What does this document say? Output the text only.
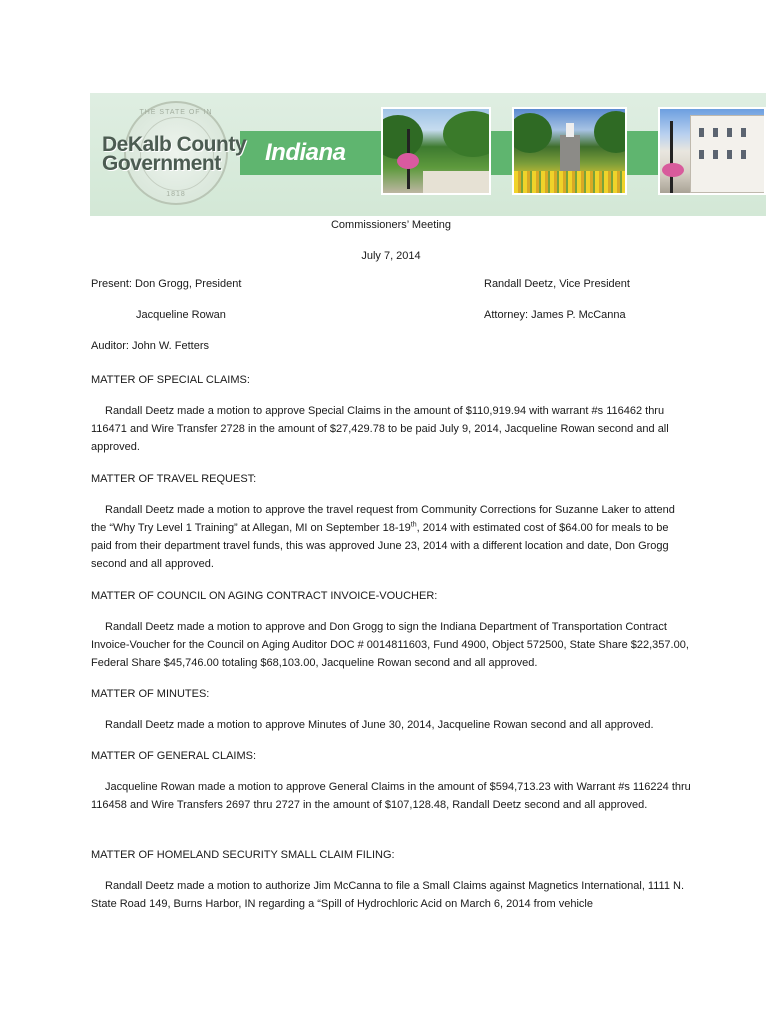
THE STATE OF IN
1818
DeKalb County
Government	Indiana
Commissioners’ Meeting
July 7, 2014
Present: Don Grogg, President	Randall Deetz, Vice President
Jacqueline Rowan	Attorney: James P. McCanna
Auditor: John W. Fetters
MATTER OF SPECIAL CLAIMS:
Randall Deetz made a motion to approve Special Claims in the amount of $110,919.94 with warrant #s 116462 thru 116471 and Wire Transfer 2728 in the amount of $27,429.78 to be paid July 9, 2014, Jacqueline Rowan second and all approved.
MATTER OF TRAVEL REQUEST:
Randall Deetz made a motion to approve the travel request from Community Corrections for Suzanne Laker to attend the “Why Try Level 1 Training” at Allegan, MI on September 18-19th, 2014 with estimated cost of $64.00 for meals to be paid from their department travel funds, this was approved June 23, 2014 with a different location and date, Don Grogg second and all approved.
MATTER OF COUNCIL ON AGING CONTRACT INVOICE-VOUCHER:
Randall Deetz made a motion to approve and Don Grogg to sign the Indiana Department of Transportation Contract Invoice-Voucher for the Council on Aging Auditor DOC # 0014811603, Fund 4900, Object 572500, State Share $22,357.00, Federal Share $45,746.00 totaling $68,103.00, Jacqueline Rowan second and all approved.
MATTER OF MINUTES:
Randall Deetz made a motion to approve Minutes of June 30, 2014, Jacqueline Rowan second and all approved.
MATTER OF GENERAL CLAIMS:
Jacqueline Rowan made a motion to approve General Claims in the amount of $594,713.23 with Warrant #s 116224 thru 116458 and Wire Transfers 2697 thru 2727 in the amount of $107,128.48, Randall Deetz second and all approved.
MATTER OF HOMELAND SECURITY SMALL CLAIM FILING:
Randall Deetz made a motion to authorize Jim McCanna to file a Small Claims against Magnetics International, 1111 N. State Road 149, Burns Harbor, IN regarding a “Spill of Hydrochloric Acid on March 6, 2014 from vehicle
